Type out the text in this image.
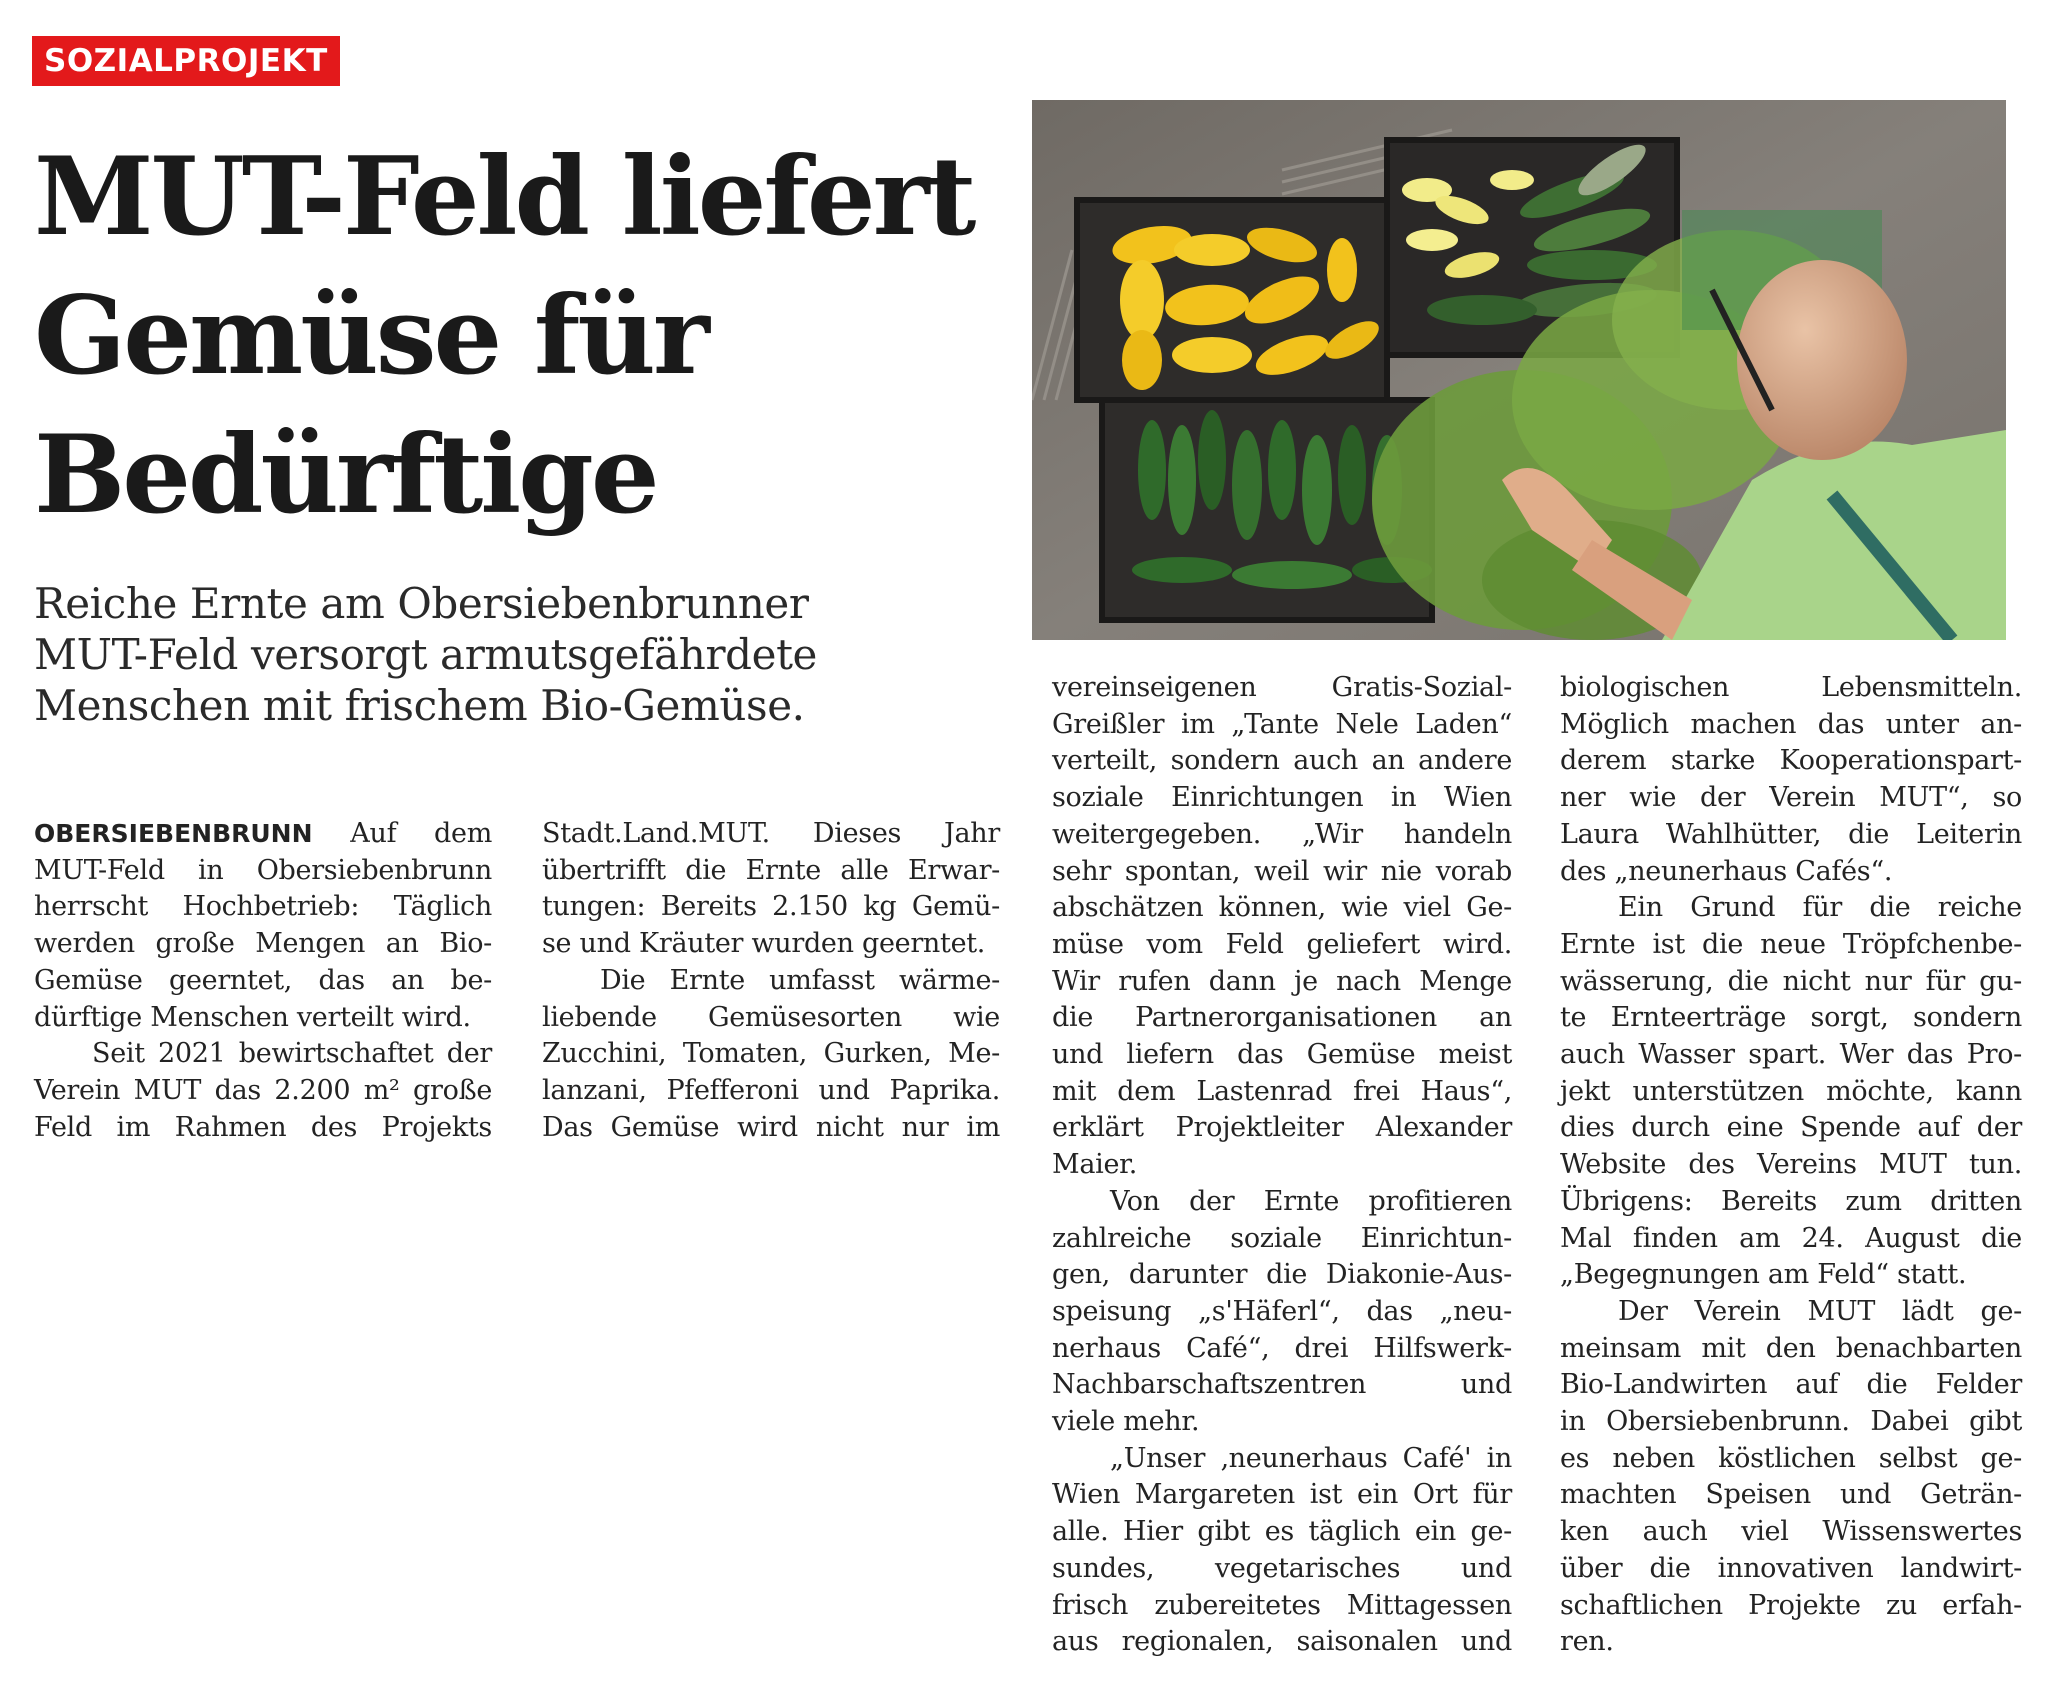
SOZIALPROJEKT
MUT-Feld liefert
Gemüse für
Bedürftige

Reiche Ernte am Obersiebenbrunner
MUT-Feld versorgt armutsgefährdete
Menschen mit frischem Bio-Gemüse.

OBERSIEBENBRUNN Auf dem
MUT-Feld in Obersiebenbrunn
herrscht Hochbetrieb: Täglich
werden große Mengen an Bio-
Gemüse geerntet, das an be-
dürftige Menschen verteilt wird.
Seit 2021 bewirtschaftet der
Verein MUT das 2.200 m² große
Feld im Rahmen des Projekts
Stadt.Land.MUT. Dieses Jahr
übertrifft die Ernte alle Erwar-
tungen: Bereits 2.150 kg Gemü-
se und Kräuter wurden geerntet.
Die Ernte umfasst wärme-
liebende Gemüsesorten wie
Zucchini, Tomaten, Gurken, Me-
lanzani, Pfefferoni und Paprika.
Das Gemüse wird nicht nur im
vereinseigenen Gratis-Sozial-
Greißler im „Tante Nele Laden“
verteilt, sondern auch an andere
soziale Einrichtungen in Wien
weitergegeben. „Wir handeln
sehr spontan, weil wir nie vorab
abschätzen können, wie viel Ge-
müse vom Feld geliefert wird.
Wir rufen dann je nach Menge
die Partnerorganisationen an
und liefern das Gemüse meist
mit dem Lastenrad frei Haus“,
erklärt Projektleiter Alexander
Maier.
Von der Ernte profitieren
zahlreiche soziale Einrichtun-
gen, darunter die Diakonie-Aus-
speisung „s'Häferl“, das „neu-
nerhaus Café“, drei Hilfswerk-
Nachbarschaftszentren und
viele mehr.
„Unser ‚neunerhaus Café' in
Wien Margareten ist ein Ort für
alle. Hier gibt es täglich ein ge-
sundes, vegetarisches und
frisch zubereitetes Mittagessen
aus regionalen, saisonalen und
biologischen Lebensmitteln.
Möglich machen das unter an-
derem starke Kooperationspart-
ner wie der Verein MUT“, so
Laura Wahlhütter, die Leiterin
des „neunerhaus Cafés“.
Ein Grund für die reiche
Ernte ist die neue Tröpfchenbe-
wässerung, die nicht nur für gu-
te Ernteerträge sorgt, sondern
auch Wasser spart. Wer das Pro-
jekt unterstützen möchte, kann
dies durch eine Spende auf der
Website des Vereins MUT tun.
Übrigens: Bereits zum dritten
Mal finden am 24. August die
„Begegnungen am Feld“ statt.
Der Verein MUT lädt ge-
meinsam mit den benachbarten
Bio-Landwirten auf die Felder
in Obersiebenbrunn. Dabei gibt
es neben köstlichen selbst ge-
machten Speisen und Geträn-
ken auch viel Wissenswertes
über die innovativen landwirt-
schaftlichen Projekte zu erfah-
ren.
